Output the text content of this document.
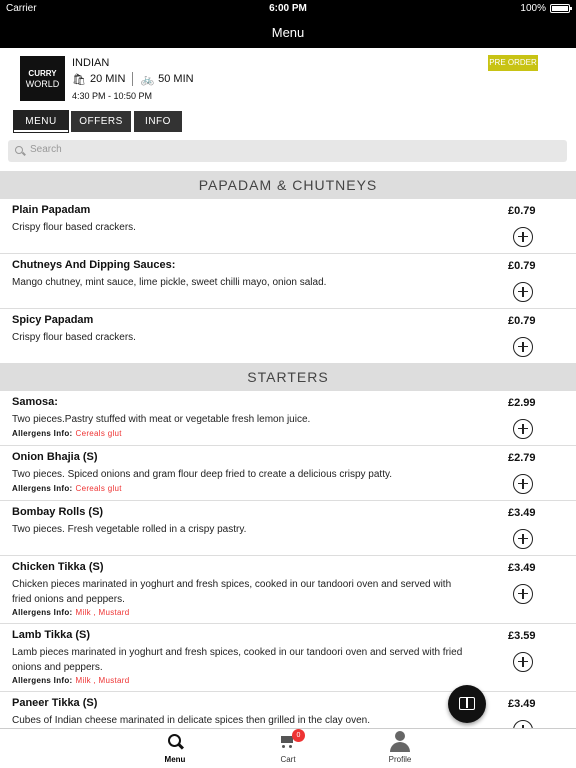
Carrier	6:00 PM	100%
Menu
CURRY
WORLD
INDIAN
🛍 20 MIN 🚲 50 MIN
4:30 PM - 10:50 PM
PRE ORDER
MENU	OFFERS	INFO
Search
PAPADAM & CHUTNEYS
Plain Papadam
Crispy flour based crackers.
£0.79
Chutneys And Dipping Sauces:
Mango chutney, mint sauce, lime pickle, sweet chilli mayo, onion salad.
£0.79
Spicy Papadam
Crispy flour based crackers.
£0.79
STARTERS
Samosa:
Two pieces.Pastry stuffed with meat or vegetable fresh lemon juice.
Allergens Info: Cereals glut
£2.99
Onion Bhajia (S)
Two pieces. Spiced onions and gram flour deep fried to create a delicious crispy patty.
Allergens Info: Cereals glut
£2.79
Bombay Rolls (S)
Two pieces. Fresh vegetable rolled in a crispy pastry.
£3.49
Chicken Tikka (S)
Chicken pieces marinated in yoghurt and fresh spices, cooked in our tandoori oven and served with fried onions and peppers.
Allergens Info: Milk , Mustard
£3.49
Lamb Tikka (S)
Lamb pieces marinated in yoghurt and fresh spices, cooked in our tandoori oven and served with fried onions and peppers.
Allergens Info: Milk , Mustard
£3.59
Paneer Tikka (S)
Cubes of Indian cheese marinated in delicate spices then grilled in the clay oven.
£3.49
Menu
0
Cart	Profile
